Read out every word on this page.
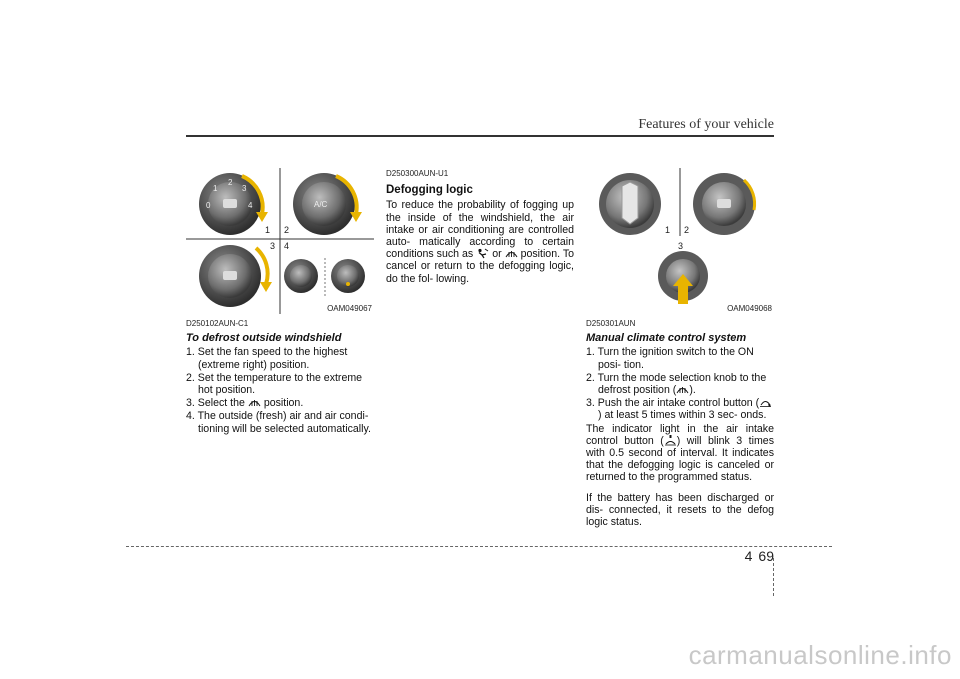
Features of your vehicle
0
1
2
3
4	A/C
1 2
3 4
OAM049067
D250102AUN-C1
To defrost outside windshield
1. Set the fan speed to the highest (extreme right) position.
2. Set the temperature to the extreme hot position.
3. Select the position.
4. The outside (fresh) air and air condi- tioning will be selected automatically.
D250300AUN-U1
Defogging logic

To reduce the probability of fogging up the inside of the windshield, the air intake or air conditioning are controlled auto- matically according to certain conditions such as or position. To cancel or return to the defogging logic, do the fol- lowing.

1 2
3
OAM049068
D250301AUN
Manual climate control system
1. Turn the ignition switch to the ON posi- tion.
2. Turn the mode selection knob to the defrost position ( ).
3. Push the air intake control button () at least 5 times within 3 sec- onds.

The indicator light in the air intake control button ( ) will blink 3 times with 0.5 second of interval. It indicates that the defogging logic is canceled or returned to the programmed status.

If the battery has been discharged or dis- connected, it resets to the defog logic status.

4 69
carmanualsonline.info
